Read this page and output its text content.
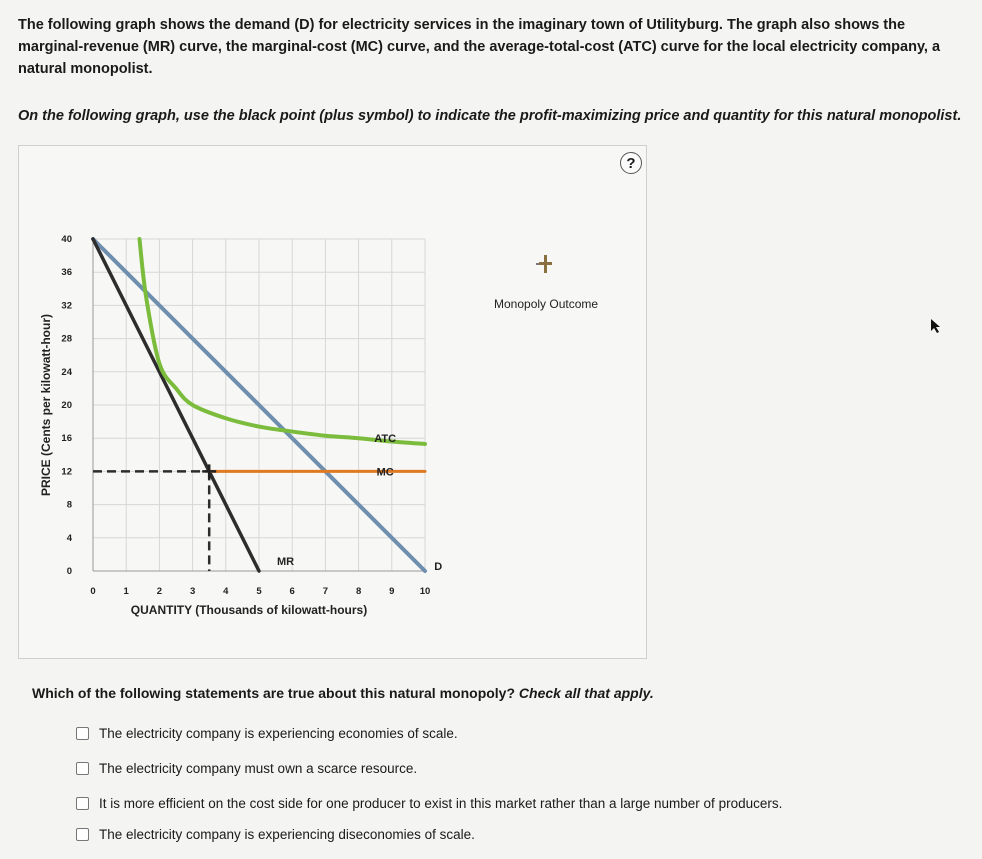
The following graph shows the demand (D) for electricity services in the imaginary town of Utilityburg. The graph also shows the marginal-revenue (MR) curve, the marginal-cost (MC) curve, and the average-total-cost (ATC) curve for the local electricity company, a natural monopolist.

On the following graph, use the black point (plus symbol) to indicate the profit-maximizing price and quantity for this natural monopolist.

0	1	2	3	4	5	6	7	8	9	10
0
4
8
12
16
20
24
28
32
36
40
QUANTITY (Thousands of kilowatt-hours)
PRICE (Cents per kilowatt-hour)	ATC
MC
MR	D
?
Monopoly Outcome

Which of the following statements are true about this natural monopoly? Check all that apply.

The electricity company is experiencing economies of scale.
The electricity company must own a scarce resource.
It is more efficient on the cost side for one producer to exist in this market rather than a large number of producers.
The electricity company is experiencing diseconomies of scale.
